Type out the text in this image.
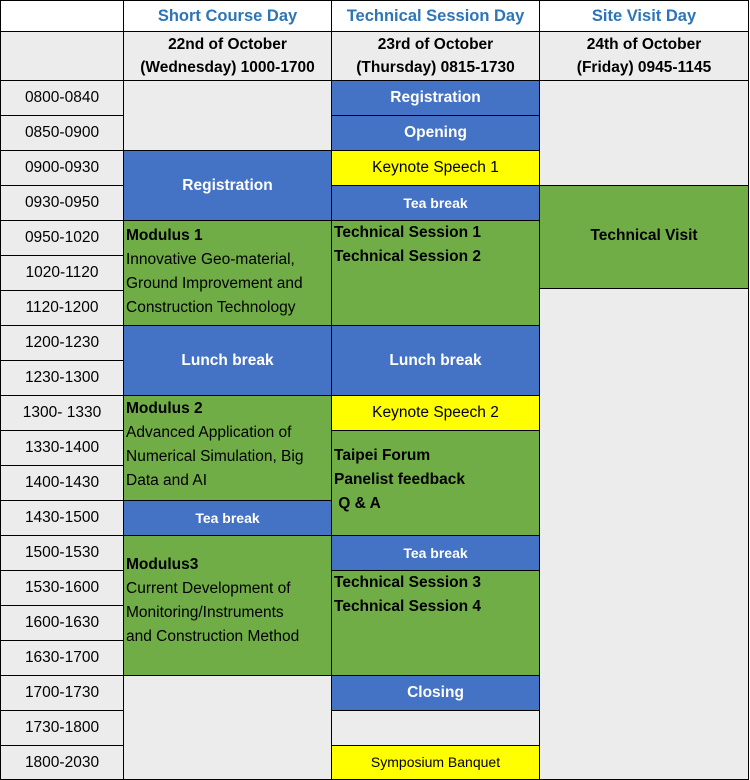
Short Course Day	Technical Session Day	Site Visit Day
22nd of October
(Wednesday) 1000-1700
23rd of October
(Thursday) 0815-1730
24th of October
(Friday) 0945-1145
0800-0840
0850-0900
0900-0930
0930-0950
0950-1020
1020-1120
1120-1200
1200-1230
1230-1300
1300- 1330
1330-1400
1400-1430
1430-1500
1500-1530
1530-1600
1600-1630
1630-1700
1700-1730
1730-1800
1800-2030
Registration
Modulus 1
Innovative Geo-material,
Ground Improvement and
Construction Technology
Lunch break
Modulus 2
Advanced Application of
Numerical Simulation, Big
Data and AI
Tea break
Modulus3
Current Development of
Monitoring/Instruments
and Construction Method
Registration
Opening
Keynote Speech 1
Tea break
Technical Session 1
Technical Session 2
Lunch break
Keynote Speech 2
Taipei Forum
Panelist feedback
Q & A
Tea break
Technical Session 3
Technical Session 4
Closing
Symposium Banquet
Technical Visit
